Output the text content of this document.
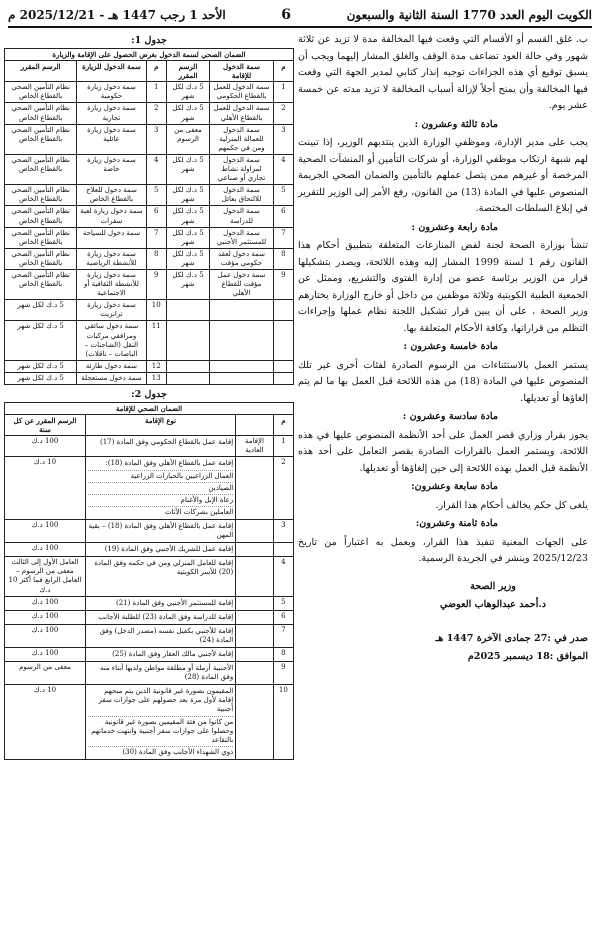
الكويت اليوم العدد 1770 السنة الثانية والسبعون
6
الأحد 1 رجب 1447 هـ - 2025/12/21 م

ب. غلق القسم أو الأقسام التي وقعت فيها المخالفة مدة لا تزيد عن ثلاثة شهور وفي حالة العود تضاعف مدة الوقف والغلق المشار إليهما ويجب أن يسبق توقيع أي هذه الجزاءات توجيه إنذار كتابي لمدير الجهة التي وقعت فيها المخالفة وأن يمنح أجلاً لإزالة أسباب المخالفة لا تزيد مدته عن خمسة عشر يوم.

مادة ثالثة وعشرون :

يجب على مدير الإدارة، وموظفي الوزارة الذين ينتدبهم الوزير، إذا تبينت لهم شبهة ارتكاب موظفي الوزارة، أو شركات التأمين أو المنشآت الصحية المرخصة أو غيرهم ممن يتصل عملهم بالتأمين والضمان الصحي الجريمة المنصوص عليها في المادة (13) من القانون، رفع الأمر إلى الوزير للتقرير في إبلاغ السلطات المختصة.

مادة رابعة وعشرون :

تنشأ بوزارة الصحة لجنة لفض المنازعات المتعلقة بتطبيق أحكام هذا القانون رقم 1 لسنة 1999 المشار إليه وهذه اللائحة، ويصدر بتشكيلها قرار من الوزير برئاسة عضو من إدارة الفتوى والتشريع، وممثل عن الجمعية الطبية الكويتية وثلاثة موظفين من داخل أو خارج الوزارة يختارهم وزير الصحة ، على أن يبين قرار تشكيل اللجنة نظام عملها وإجراءات التظلم من قراراتها، وكافة الأحكام المتعلقة بها.

مادة خامسة وعشرون :

يستمر العمل بالاستثناءات من الرسوم الصادرة لفئات أخرى غير تلك المنصوص عليها في المادة (18) من هذه اللائحة قبل العمل بها ما لم يتم إلغاؤها أو تعديلها.

مادة سادسة وعشرون :

يجوز بقرار وزاري قصر العمل على أحد الأنظمة المنصوص عليها في هذه اللائحة، ويستمر العمل بالقرارات الصادرة بقصر التعامل على أحد هذه الأنظمة قبل العمل بهذه اللائحة إلى حين إلغاؤها أو تعديلها.

مادة سابعة وعشرون:

يلغى كل حكم يخالف أحكام هذا القرار.

مادة ثامنة وعشرون:

على الجهات المعنية تنفيذ هذا القرار، ويعمل به اعتباراً من تاريخ 2025/12/23 وينشر في الجريدة الرسمية.

وزير الصحة
د.أحمد عبدالوهاب العوضي
صدر في :27 جمادى الآخرة 1447 هـ
الموافق :18 ديسمبر 2025م
جدول 1:
الضمان الصحي لسمة الدخول بغرض الحصول على الإقامة والزيارة					
م	سمة الدخول للإقامة	الرسم المقرر	م	سمة الدخول للزيارة	الرسم المقرر
1	سمة الدخول للعمل بالقطاع الحكومي	5 د.ك لكل شهر	1	سمة دخول زيارة حكومية	نظام التأمين الصحي بالقطاع الخاص
2	سمة الدخول للعمل بالقطاع الأهلي	5 د.ك لكل شهر	2	سمة دخول زيارة تجارية	نظام التأمين الصحي بالقطاع الخاص
3	سمة الدخول للعمالة المنزلية ومن في حكمهم	معفى من الرسوم	3	سمة دخول زيارة عائلية	نظام التأمين الصحي بالقطاع الخاص
4	سمة الدخول لمزاولة نشاط تجاري أو صناعي	5 د.ك لكل شهر	4	سمة دخول زيارة خاصة	نظام التأمين الصحي بالقطاع الخاص
5	سمة الدخول للالتحاق بعائل	5 د.ك لكل شهر	5	سمة دخول للعلاج بالقطاع الخاص	نظام التأمين الصحي بالقطاع الخاص
6	سمة الدخول للدراسة	5 د.ك لكل شهر	6	سمة دخول زيارة لعبة سفرات	نظام التأمين الصحي بالقطاع الخاص
7	سمة الدخول للمستثمر الأجنبي	5 د.ك لكل شهر	7	سمة دخول للسياحة	نظام التأمين الصحي بالقطاع الخاص
8	سمة دخول لعقد حكومي مؤقت	5 د.ك لكل شهر	8	سمة دخول زيارة للأنشطة الرياضية	نظام التأمين الصحي بالقطاع الخاص
9	سمة دخول عمل مؤقت للقطاع الأهلي	5 د.ك لكل شهر	9	سمة دخول زيارة للأنشطة الثقافية أو الاجتماعية	نظام التأمين الصحي بالقطاع الخاص
			10	سمة دخول زيارة ترانزيت	5 د.ك لكل شهر
			11	سمة دخول سائقي ومرافقي مركبات النقل (الشاحنات – الباصات – ناقلات)	5 د.ك لكل شهر
			12	سمة دخول طارئة	5 د.ك لكل شهر
			13	سمة دخول مستعجلة	5 د.ك لكل شهر
جدول 2:
الضمان الصحي للإقامة			
م		نوع الإقامة	الرسم المقرر عن كل سنة
1	الإقامة العادية	إقامة عمل بالقطاع الحكومي وفق المادة (17)	100 د.ك
2		إقامة عمل بالقطاع الأهلي وفق المادة (18):
العمال الزراعيين بالحيازات الزراعية
الصيادين
رعاة الإبل والأغنام
العاملين بشركات الأثاث	10 د.ك
3		إقامة عمل بالقطاع الأهلي وفق المادة (18) – بقية المهن	100 د.ك

		إقامة عمل للشريك الأجنبي وفق المادة (19)	100 د.ك
4		إقامة للعامل المنزلي ومن في حكمه وفق المادة (20) للأسر الكويتية	العامل الأول إلى الثالث معفى من الرسوم – العامل الرابع فما أكثر 10 د.ك
5		إقامة للمستثمر الأجنبي وفق المادة (21)	100 د.ك
6		إقامة للدراسة وفق المادة (23) للطلبة الأجانب	100 د.ك
7		إقامة للأجنبي بكفيل نفسه (مصدر الدخل) وفق المادة (24)	100 د.ك
8		إقامة لأجنبي مالك العقار وفق المادة (25)	100 د.ك
9		الأجنبية أرملة أو مطلقة مواطن ولديها أبناء منه وفق المادة (28)	معفى من الرسوم
10		المقيمون بصورة غير قانونية الذين يتم منحهم إقامة لأول مرة بعد حصولهم على جوازات سفر أجنبية
من كانوا من فئة المقيمين بصورة غير قانونية وحصلوا على جوازات سفر أجنبية وانتهت خدماتهم بالتقاعد
ذوي الشهداء الأجانب وفق المادة (30)	10 د.ك
